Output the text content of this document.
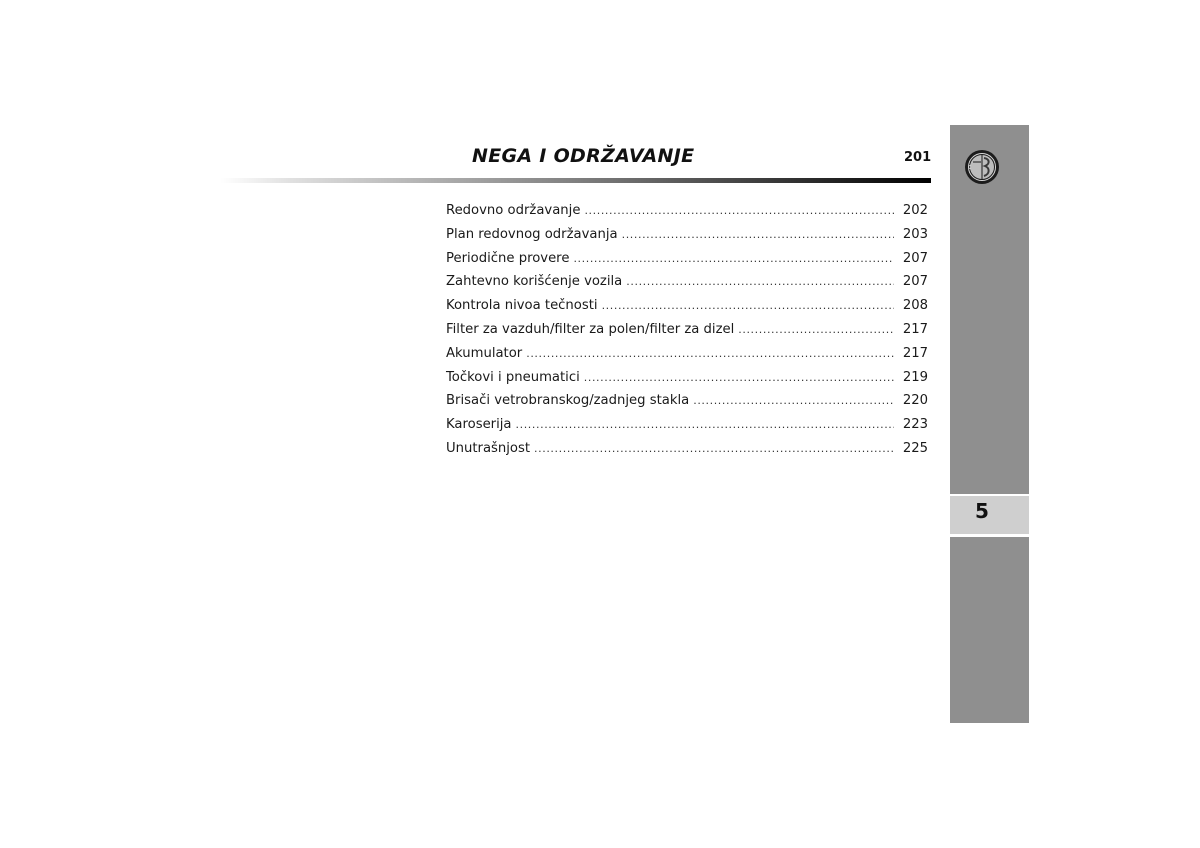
NEGA I ODRŽAVANJE	201
5
Redovno održavanje .....	202
Plan redovnog održavanja .....	203
Periodične provere .....	207
Zahtevno korišćenje vozila .....	207
Kontrola nivoa tečnosti .....	208
Filter za vazduh/filter za polen/filter za dizel .....	217
Akumulator .....	217
Točkovi i pneumatici .....	219
Brisači vetrobranskog/zadnjeg stakla .....	220
Karoserija .....	223
Unutrašnjost .....	225
